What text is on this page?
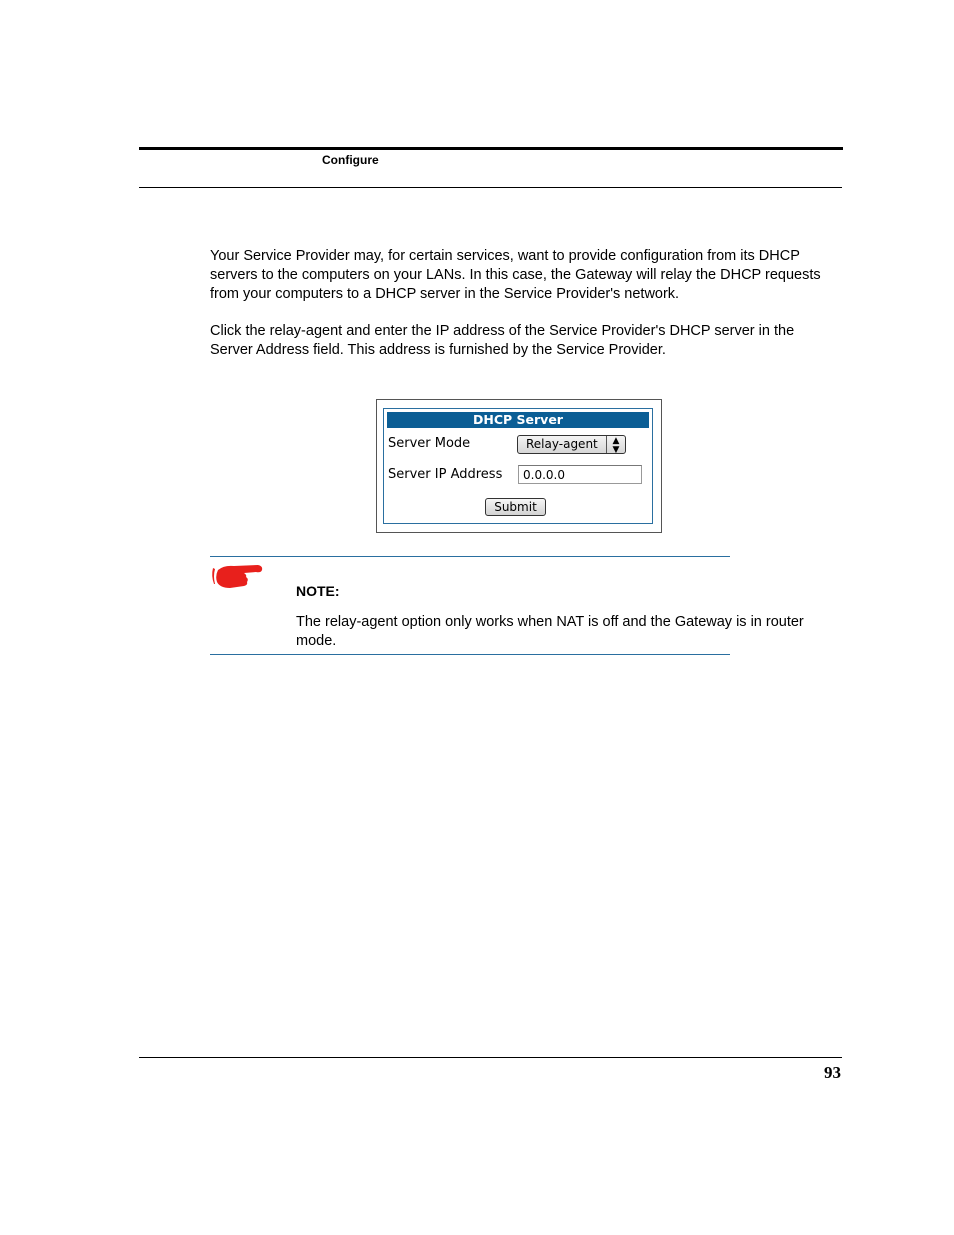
Configure

Your Service Provider may, for certain services, want to provide configuration from its DHCP servers to the computers on your LANs. In this case, the Gateway will relay the DHCP requests from your computers to a DHCP server in the Service Provider's network.

Click the relay-agent and enter the IP address of the Service Provider's DHCP server in the Server Address field. This address is furnished by the Service Provider.

DHCP Server
Server Mode	Relay-agent	▲
▼
Server IP Address	0.0.0.0
Submit
NOTE:

The relay-agent option only works when NAT is off and the Gateway is in router mode.

93
